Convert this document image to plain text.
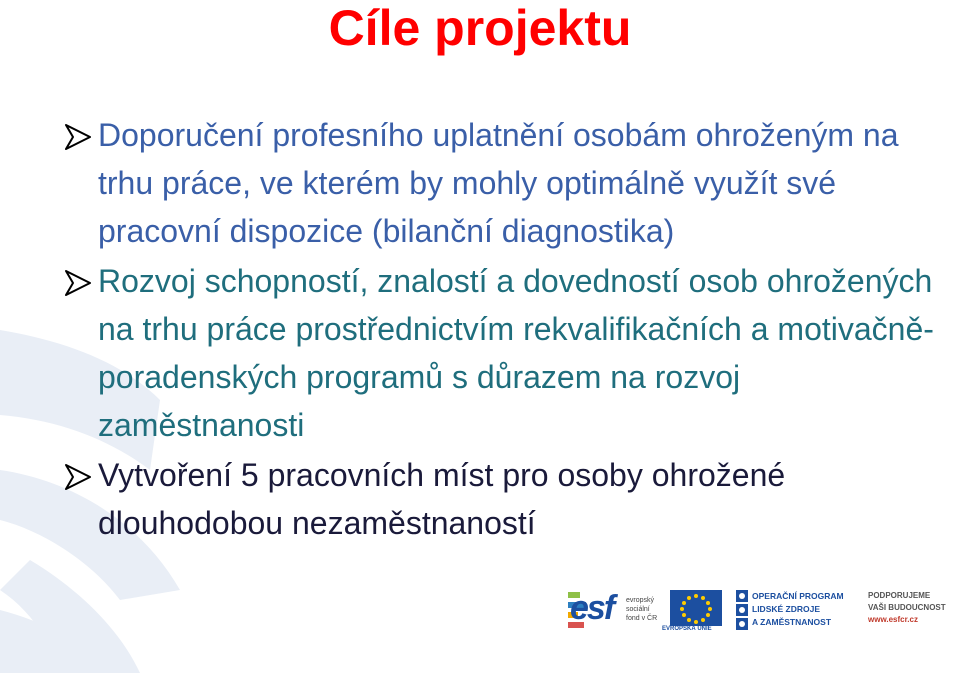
Cíle projektu

Doporučení profesního uplatnění osobám ohroženým na trhu práce, ve kterém by mohly optimálně využít své pracovní dispozice (bilanční diagnostika)

Rozvoj schopností, znalostí a dovedností osob ohrožených na trhu práce prostřednictvím rekvalifikačních a motivačně-poradenských programů s důrazem na rozvoj zaměstnanosti

Vytvoření 5 pracovních míst pro osoby ohrožené dlouhodobou nezaměstnaností

esf evropský sociální fond v ČR
EVROPSKÁ UNIE
OPERAČNÍ PROGRAM
LIDSKÉ ZDROJE
A ZAMĚSTNANOST
PODPORUJEME
VAŠI BUDOUCNOST
www.esfcr.cz
